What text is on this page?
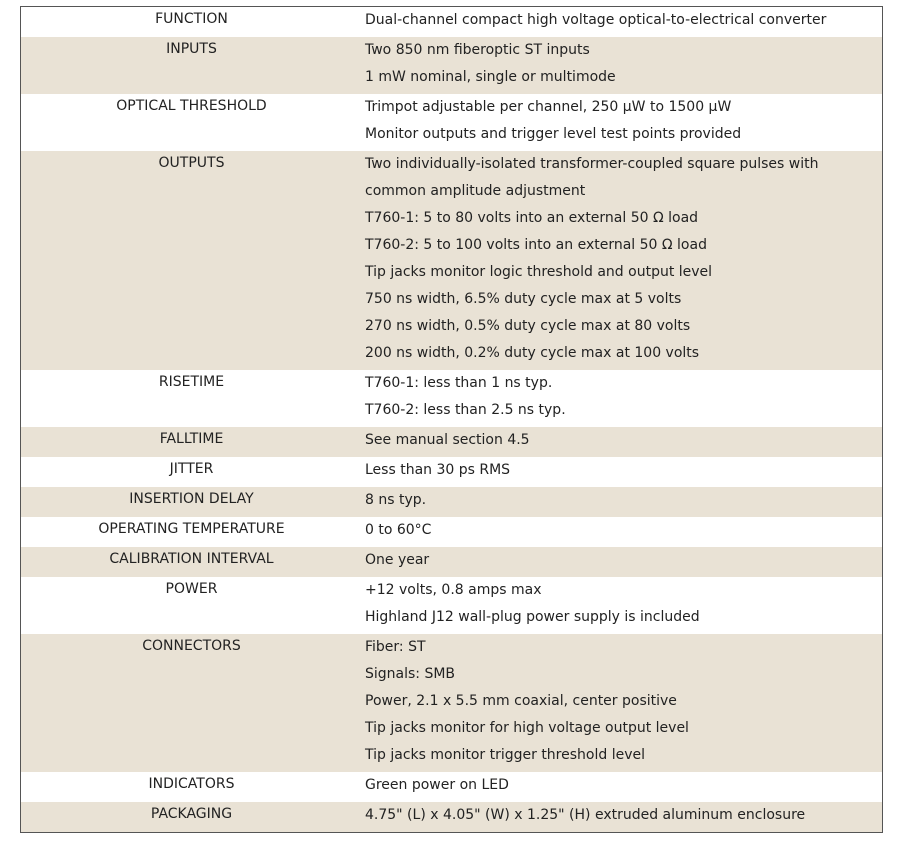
FUNCTION	Dual-channel compact high voltage optical-to-electrical converter
INPUTS	Two 850 nm fiberoptic ST inputs
1 mW nominal, single or multimode
OPTICAL THRESHOLD	Trimpot adjustable per channel, 250 µW to 1500 µW
Monitor outputs and trigger level test points provided
OUTPUTS	Two individually-isolated transformer-coupled square pulses with
common amplitude adjustment
T760-1: 5 to 80 volts into an external 50 Ω load
T760-2: 5 to 100 volts into an external 50 Ω load
Tip jacks monitor logic threshold and output level
750 ns width, 6.5% duty cycle max at 5 volts
270 ns width, 0.5% duty cycle max at 80 volts
200 ns width, 0.2% duty cycle max at 100 volts
RISETIME	T760-1: less than 1 ns typ.
T760-2: less than 2.5 ns typ.
FALLTIME	See manual section 4.5
JITTER	Less than 30 ps RMS
INSERTION DELAY	8 ns typ.
OPERATING TEMPERATURE	0 to 60°C
CALIBRATION INTERVAL	One year
POWER	+12 volts, 0.8 amps max
Highland J12 wall-plug power supply is included
CONNECTORS	Fiber: ST
Signals: SMB
Power, 2.1 x 5.5 mm coaxial, center positive
Tip jacks monitor for high voltage output level
Tip jacks monitor trigger threshold level
INDICATORS	Green power on LED
PACKAGING	4.75" (L) x 4.05" (W) x 1.25" (H) extruded aluminum enclosure
